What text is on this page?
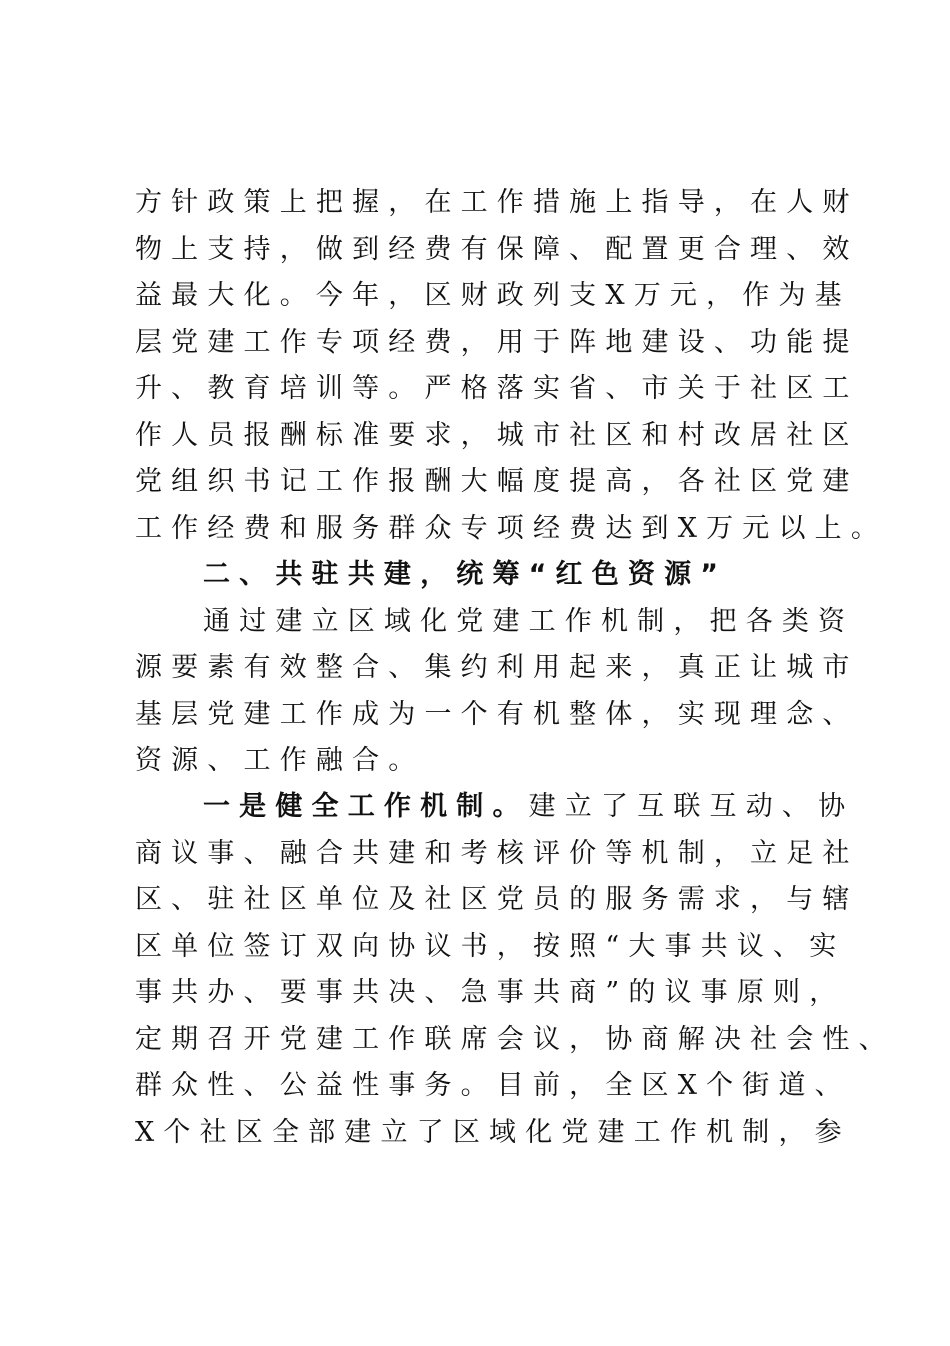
方针政策上把握，在工作措施上指导，在人财
物上支持，做到经费有保障、配置更合理、效
益最大化。今年，区财政列支X万元，作为基
层党建工作专项经费，用于阵地建设、功能提
升、教育培训等。严格落实省、市关于社区工
作人员报酬标准要求，城市社区和村改居社区
党组织书记工作报酬大幅度提高，各社区党建
工作经费和服务群众专项经费达到X万元以上。
二、共驻共建，统筹“红色资源”
通过建立区域化党建工作机制，把各类资
源要素有效整合、集约利用起来，真正让城市
基层党建工作成为一个有机整体，实现理念、
资源、工作融合。
一是健全工作机制。建立了互联互动、协
商议事、融合共建和考核评价等机制，立足社
区、驻社区单位及社区党员的服务需求，与辖
区单位签订双向协议书，按照“大事共议、实
事共办、要事共决、急事共商”的议事原则，
定期召开党建工作联席会议，协商解决社会性、
群众性、公益性事务。目前，全区X个街道、
X个社区全部建立了区域化党建工作机制，参
